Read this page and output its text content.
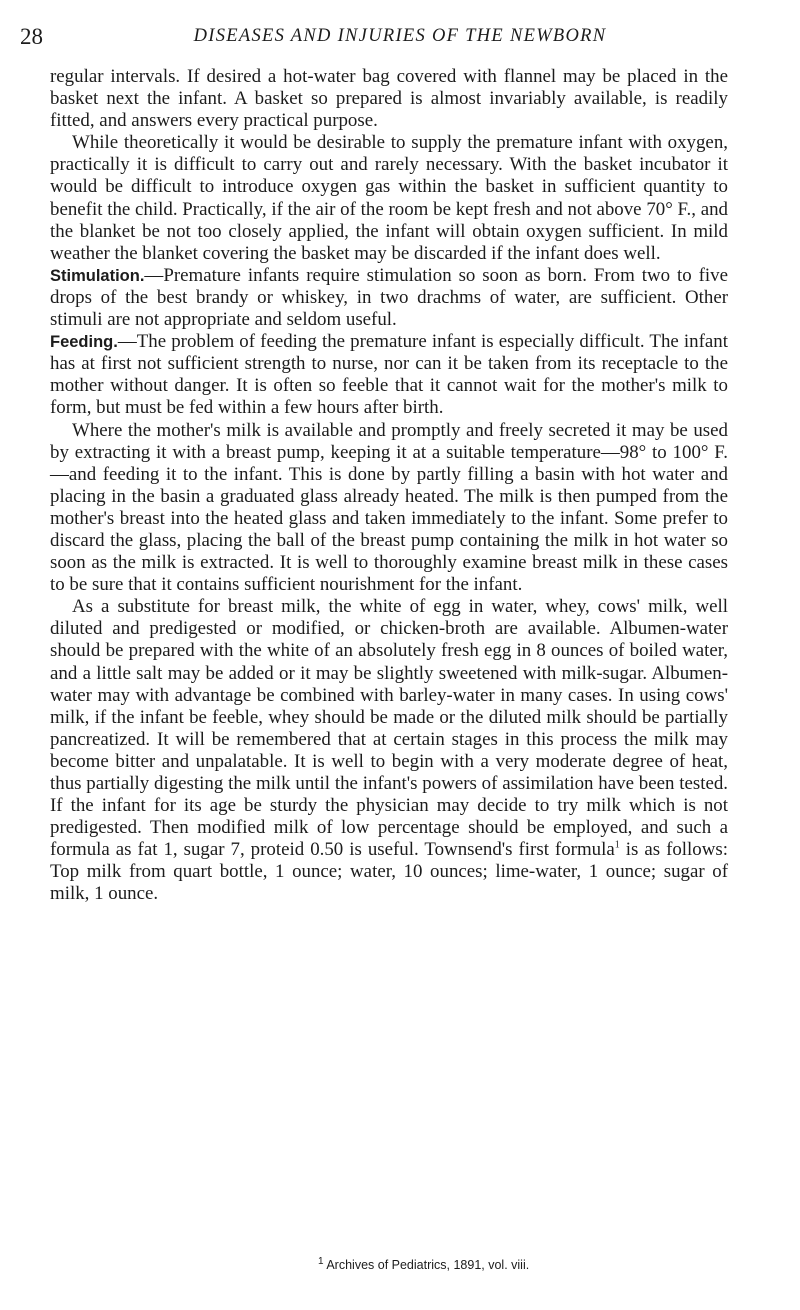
28	DISEASES AND INJURIES OF THE NEWBORN

regular intervals. If desired a hot-water bag covered with flannel may be placed in the basket next the infant. A basket so prepared is almost invariably available, is readily fitted, and answers every practical purpose.

While theoretically it would be desirable to supply the premature infant with oxygen, practically it is difficult to carry out and rarely necessary. With the basket incubator it would be difficult to introduce oxygen gas within the basket in sufficient quantity to benefit the child. Practically, if the air of the room be kept fresh and not above 70° F., and the blanket be not too closely applied, the infant will obtain oxygen sufficient. In mild weather the blanket covering the basket may be discarded if the infant does well.

Stimulation.—Premature infants require stimulation so soon as born. From two to five drops of the best brandy or whiskey, in two drachms of water, are sufficient. Other stimuli are not appropriate and seldom useful.

Feeding.—The problem of feeding the premature infant is especially difficult. The infant has at first not sufficient strength to nurse, nor can it be taken from its receptacle to the mother without danger. It is often so feeble that it cannot wait for the mother's milk to form, but must be fed within a few hours after birth.

Where the mother's milk is available and promptly and freely secreted it may be used by extracting it with a breast pump, keeping it at a suitable temperature—98° to 100° F.—and feeding it to the infant. This is done by partly filling a basin with hot water and placing in the basin a graduated glass already heated. The milk is then pumped from the mother's breast into the heated glass and taken immediately to the infant. Some prefer to discard the glass, placing the ball of the breast pump containing the milk in hot water so soon as the milk is extracted. It is well to thoroughly examine breast milk in these cases to be sure that it contains sufficient nourishment for the infant.

As a substitute for breast milk, the white of egg in water, whey, cows' milk, well diluted and predigested or modified, or chicken-broth are available. Albumen-water should be prepared with the white of an absolutely fresh egg in 8 ounces of boiled water, and a little salt may be added or it may be slightly sweetened with milk-sugar. Albumen-water may with advantage be combined with barley-water in many cases. In using cows' milk, if the infant be feeble, whey should be made or the diluted milk should be partially pancreatized. It will be remembered that at certain stages in this process the milk may become bitter and unpalatable. It is well to begin with a very moderate degree of heat, thus partially digesting the milk until the infant's powers of assimilation have been tested. If the infant for its age be sturdy the physician may decide to try milk which is not predigested. Then modified milk of low percentage should be employed, and such a formula as fat 1, sugar 7, proteid 0.50 is useful. Townsend's first formula$^1$ is as follows: Top milk from quart bottle, 1 ounce; water, 10 ounces; lime-water, 1 ounce; sugar of milk, 1 ounce.

$^1$ Archives of Pediatrics, 1891, vol. viii.
